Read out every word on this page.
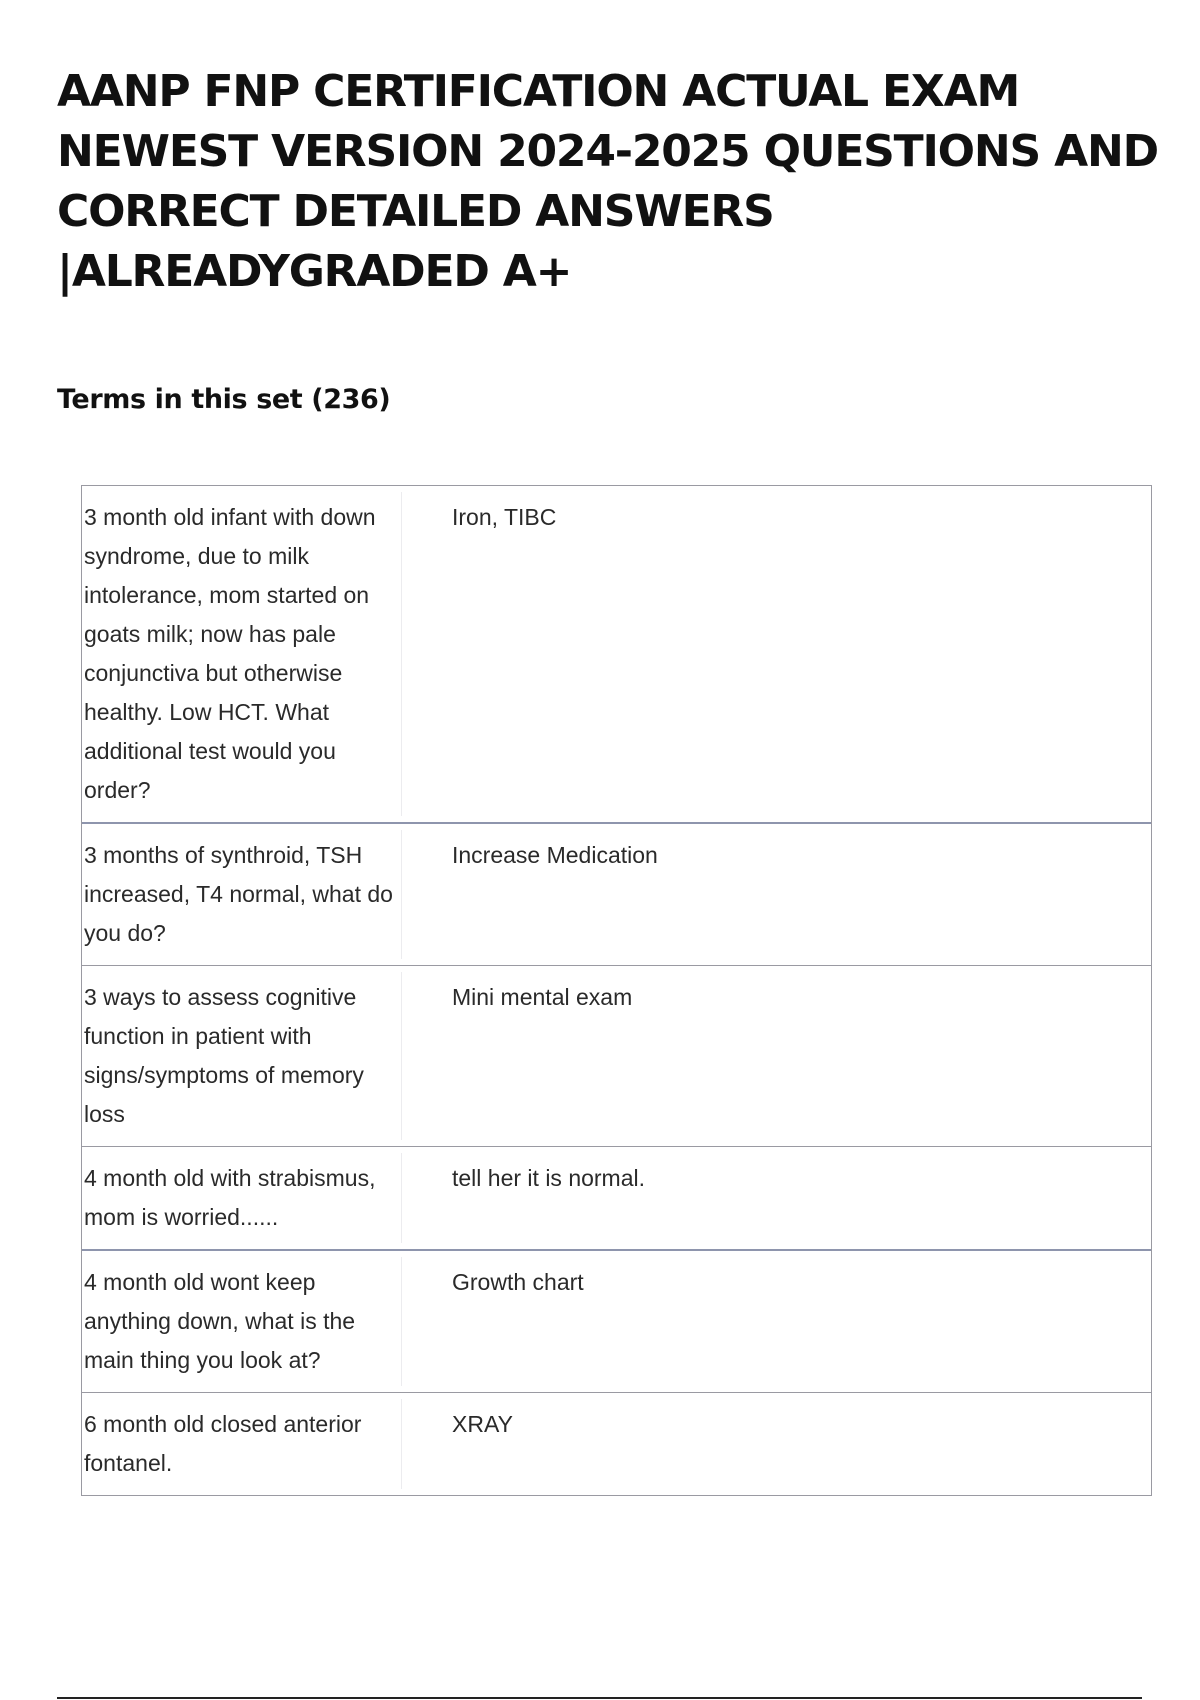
AANP FNP CERTIFICATION ACTUAL EXAM
NEWEST VERSION 2024-2025 QUESTIONS AND
CORRECT DETAILED ANSWERS
|ALREADYGRADED A+
Terms in this set (236)
3 month old infant with down syndrome, due to milk intolerance, mom started on goats milk; now has pale conjunctiva but otherwise healthy. Low HCT. What additional test would you order?
Iron, TIBC
3 months of synthroid, TSH increased, T4 normal, what do you do?
Increase Medication
3 ways to assess cognitive function in patient with signs/symptoms of memory loss
Mini mental exam
4 month old with strabismus, mom is worried......
tell her it is normal.
4 month old wont keep anything down, what is the main thing you look at?
Growth chart
6 month old closed anterior fontanel.
XRAY
